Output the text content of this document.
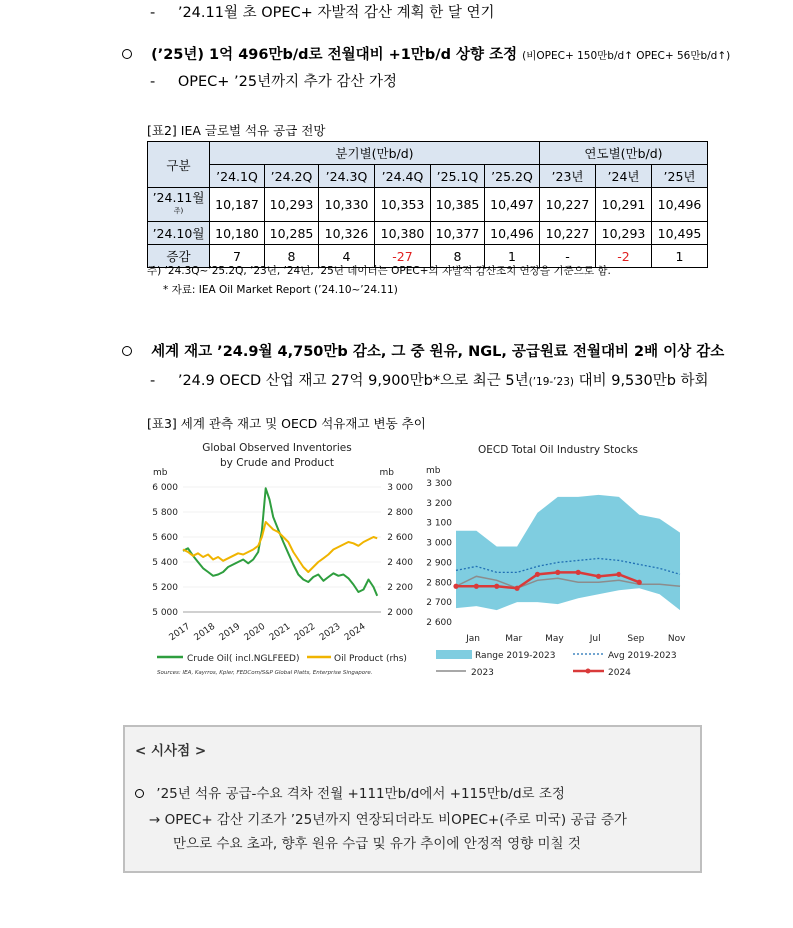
- ’24.11월 초 OPEC+ 자발적 감산 계획 한 달 연기
(’25년) 1억 496만b/d로 전월대비 +1만b/d 상향 조정 (비OPEC+ 150만b/d↑ OPEC+ 56만b/d↑)
- OPEC+ ’25년까지 추가 감산 가정
[표2] IEA 글로벌 석유 공급 전망
구분	분기별(만b/d)						연도별(만b/d)		
	’24.1Q	’24.2Q	’24.3Q	’24.4Q	’25.1Q	’25.2Q	’23년	’24년	’25년
’24.11월$^{주)}$	10,187	10,293	10,330	10,353	10,385	10,497	10,227	10,291	10,496
’24.10월	10,180	10,285	10,326	10,380	10,377	10,496	10,227	10,293	10,495
증감	7	8	4	-27	8	1	-	-2	1
주) ’24.3Q~’25.2Q, ’23년, ’24년, ’25년 데이터는 OPEC+의 자발적 감산조치 연장을 기준으로 함.
* 자료: IEA Oil Market Report (’24.10~’24.11)
세계 재고 ’24.9월 4,750만b 감소, 그 중 원유, NGL, 공급원료 전월대비 2배 이상 감소
- ’24.9 OECD 산업 재고 27억 9,900만b*으로 최근 5년(’19-’23) 대비 9,530만b 하회
[표3] 세계 관측 재고 및 OECD 석유재고 변동 추이
Global Observed Inventories
by Crude and Product
mb	mb
6 000
5 800
5 600
5 400
5 200
5 000
3 000
2 800
2 600
2 400
2 200
2 000
2017 2018 2019 2020 2021 2022 2023 2024
Crude Oil( incl.NGLFEED)	Oil Product (rhs)
Sources: IEA, Kayrros, Kpler, FEDCom/S&P Global Platts, Enterprise Singapore.
OECD Total Oil Industry Stocks
mb
3 300
3 200
3 100
3 000
2 900
2 800
2 700
2 600
Jan	Mar	May	Jul	Sep	Nov
Range 2019-2023	Avg 2019-2023
2023	2024
< 시사점 >
’25년 석유 공급-수요 격차 전월 +111만b/d에서 +115만b/d로 조정
→ OPEC+ 감산 기조가 ’25년까지 연장되더라도 비OPEC+(주로 미국) 공급 증가
만으로 수요 초과, 향후 원유 수급 및 유가 추이에 안정적 영향 미칠 것
